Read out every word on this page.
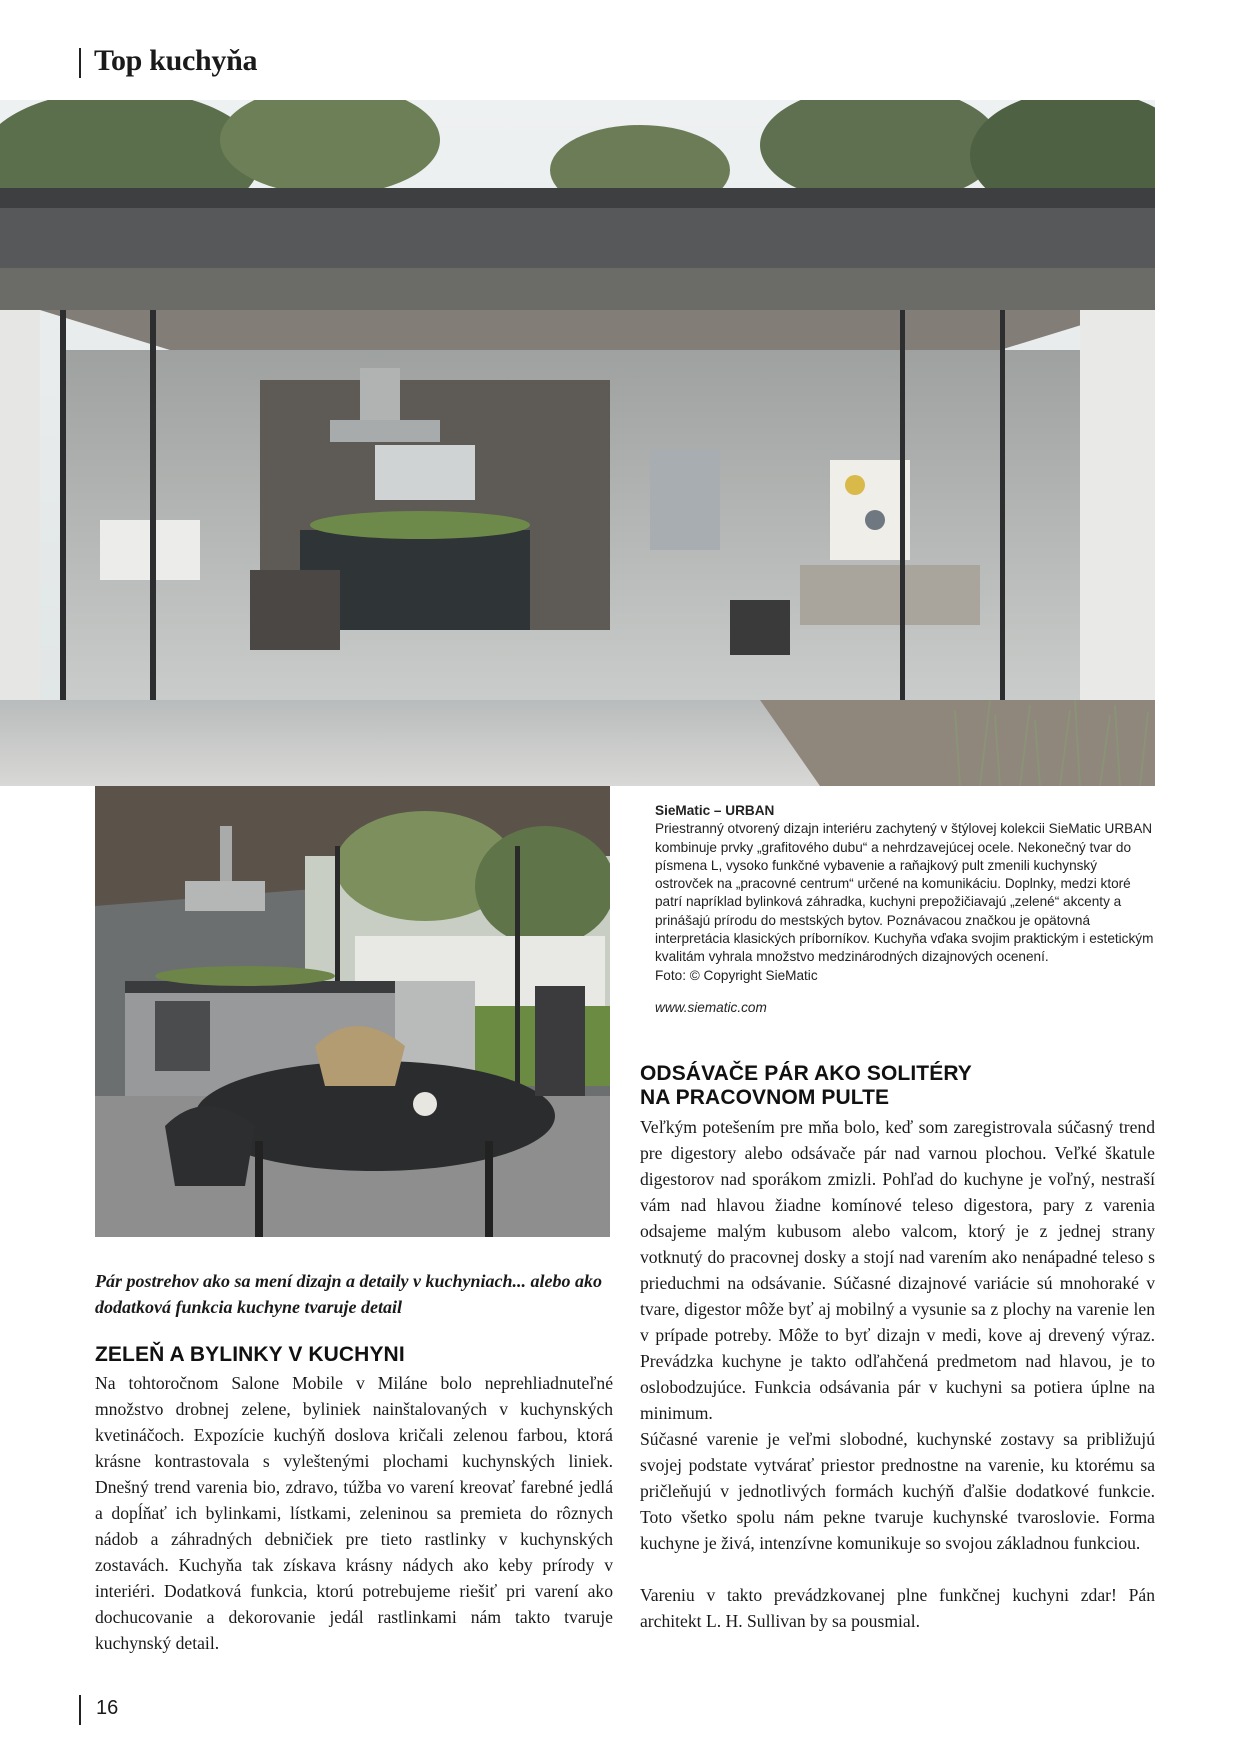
Top kuchyňa
SieMatic – URBAN
Priestranný otvorený dizajn interiéru zachytený v štýlovej kolekcii SieMatic URBAN kombinuje prvky „grafitového dubu“ a nehrdzavejúcej ocele. Nekonečný tvar do písmena L, vysoko funkčné vybavenie a raňajkový pult zmenili kuchynský ostrovček na „pracovné centrum“ určené na komunikáciu. Doplnky, medzi ktoré patrí napríklad bylinková záhradka, kuchyni prepožičiavajú „zelené“ akcenty a prinášajú prírodu do mestských bytov. Poznávacou značkou je opätovná interpretácia klasických príborníkov. Kuchyňa vďaka svojim praktickým i estetickým kvalitám vyhrala množstvo medzinárodných dizajnových ocenení.
Foto: © Copyright SieMatic
www.siematic.com
Pár postrehov ako sa mení dizajn a detaily v kuchyniach... alebo ako dodatková funkcia kuchyne tvaruje detail
ZELEŇ A BYLINKY V KUCHYNI

Na tohtoročnom Salone Mobile v Miláne bolo neprehliadnuteľné množstvo drobnej zelene, byliniek nainštalovaných v kuchynských kvetináčoch. Expozície kuchýň doslova kričali zelenou farbou, ktorá krásne kontrastovala s vyleštenými plochami kuchynských liniek. Dnešný trend varenia bio, zdravo, túžba vo varení kreovať farebné jedlá a dopĺňať ich bylinkami, lístkami, zeleninou sa premieta do rôznych nádob a záhradných debničiek pre tieto rastlinky v kuchynských zostavách. Kuchyňa tak získava krásny nádych ako keby prírody v interiéri. Dodatková funkcia, ktorú potrebujeme riešiť pri varení ako dochucovanie a dekorovanie jedál rastlinkami nám takto tvaruje kuchynský detail.

ODSÁVAČE PÁR AKO SOLITÉRY
NA PRACOVNOM PULTE

Veľkým potešením pre mňa bolo, keď som zaregistrovala súčasný trend pre digestory alebo odsávače pár nad varnou plochou. Veľké škatule digestorov nad sporákom zmizli. Pohľad do kuchyne je voľný, nestraší vám nad hlavou žiadne komínové teleso digestora, pary z varenia odsajeme malým kubusom alebo valcom, ktorý je z jednej strany votknutý do pracovnej dosky a stojí nad varením ako nenápadné teleso s prieduchmi na odsávanie. Súčasné dizajnové variácie sú mnohoraké v tvare, digestor môže byť aj mobilný a vysunie sa z plochy na varenie len v prípade potreby. Môže to byť dizajn v medi, kove aj drevený výraz. Prevádzka kuchyne je takto odľahčená predmetom nad hlavou, je to oslobodzujúce. Funkcia odsávania pár v kuchyni sa potiera úplne na minimum.

Súčasné varenie je veľmi slobodné, kuchynské zostavy sa približujú svojej podstate vytvárať priestor prednostne na varenie, ku ktorému sa pričleňujú v jednotlivých formách kuchýň ďalšie dodatkové funkcie. Toto všetko spolu nám pekne tvaruje kuchynské tvaroslovie. Forma kuchyne je živá, intenzívne komunikuje so svojou základnou funkciou.

Vareniu v takto prevádzkovanej plne funkčnej kuchyni zdar! Pán architekt L. H. Sullivan by sa pousmial.

16
